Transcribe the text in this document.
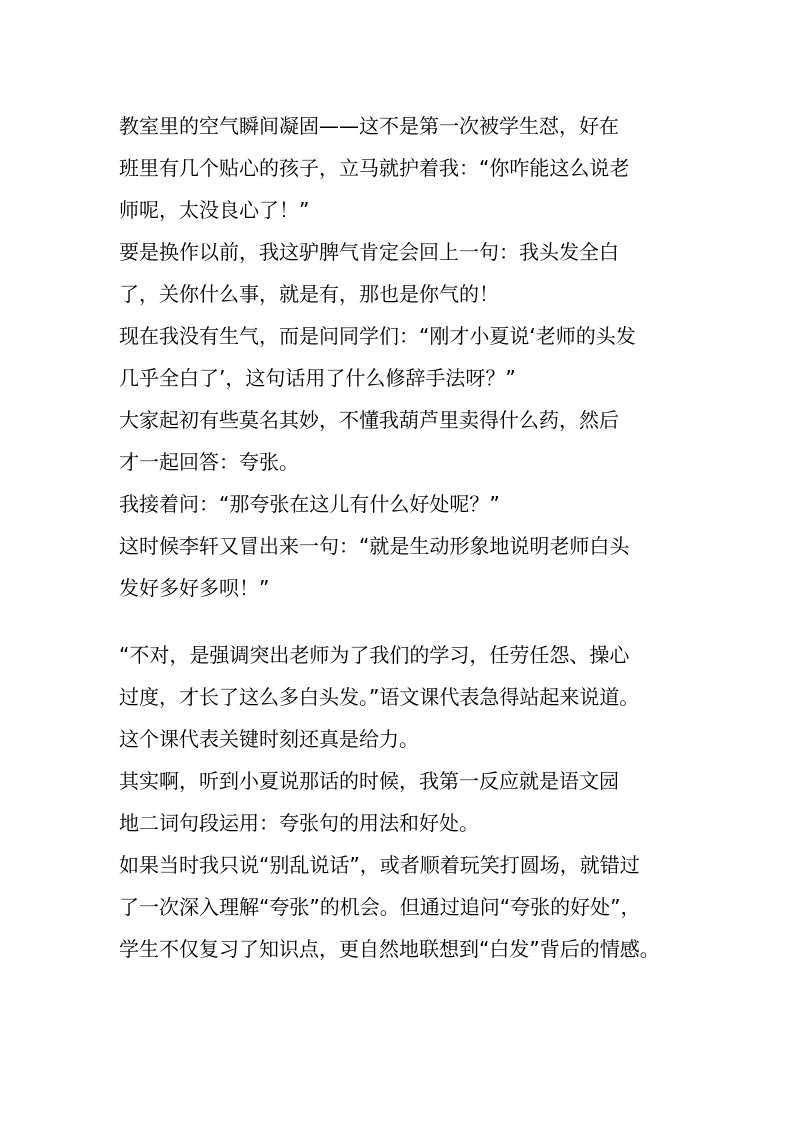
教室里的空气瞬间凝固——这不是第一次被学生怼，好在
班里有几个贴心的孩子，立马就护着我：“你咋能这么说老
师呢，太没良心了！”
要是换作以前，我这驴脾气肯定会回上一句：我头发全白
了，关你什么事，就是有，那也是你气的！
现在我没有生气，而是问同学们：“刚才小夏说‘老师的头发
几乎全白了’，这句话用了什么修辞手法呀？”
大家起初有些莫名其妙，不懂我葫芦里卖得什么药，然后
才一起回答：夸张。
我接着问：“那夸张在这儿有什么好处呢？”
这时候李轩又冒出来一句：“就是生动形象地说明老师白头
发好多好多呗！”
“不对，是强调突出老师为了我们的学习，任劳任怨、操心
过度，才长了这么多白头发。”语文课代表急得站起来说道。
这个课代表关键时刻还真是给力。
其实啊，听到小夏说那话的时候，我第一反应就是语文园
地二词句段运用：夸张句的用法和好处。
如果当时我只说“别乱说话”，或者顺着玩笑打圆场，就错过
了一次深入理解“夸张”的机会。但通过追问“夸张的好处”，
学生不仅复习了知识点，更自然地联想到“白发”背后的情感。
